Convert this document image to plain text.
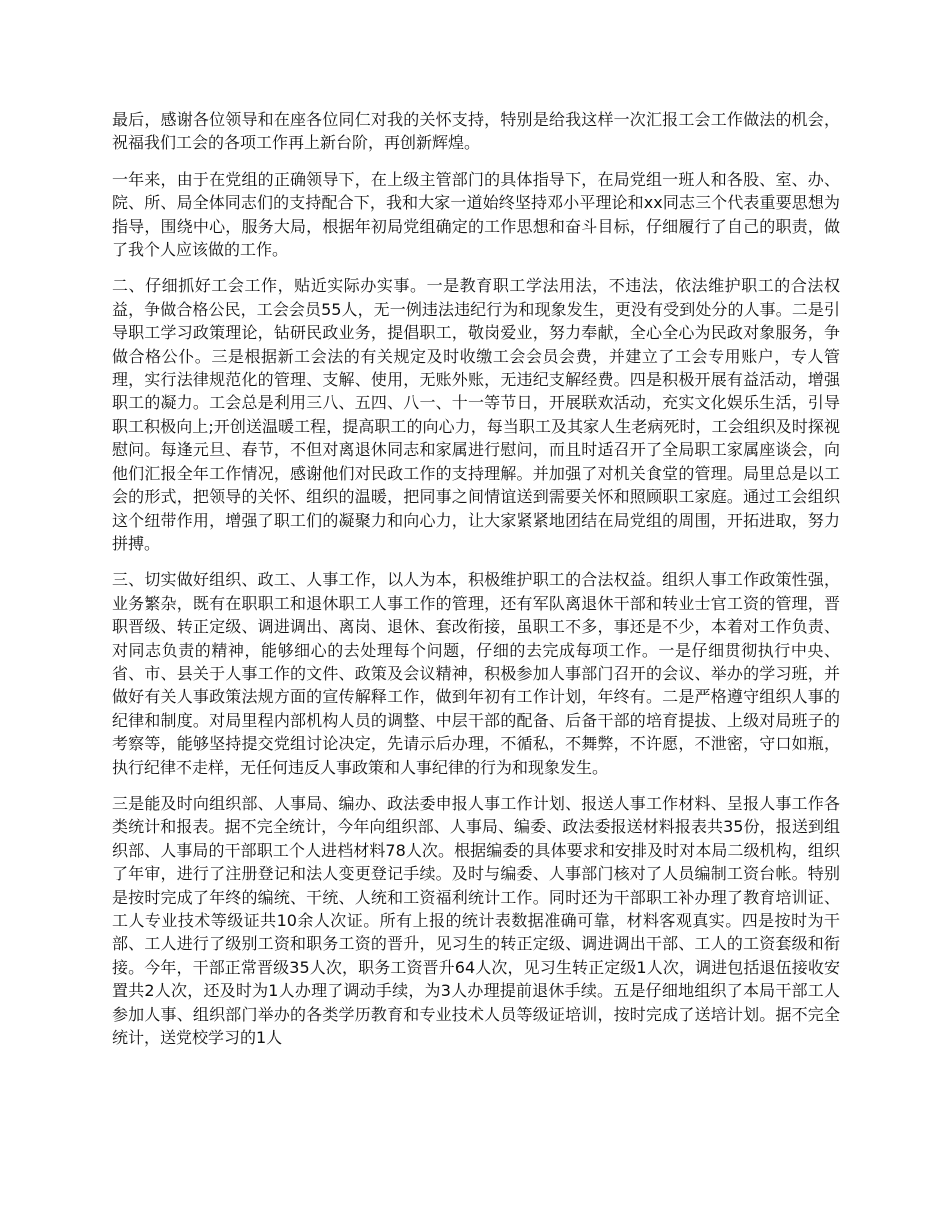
最后，感谢各位领导和在座各位同仁对我的关怀支持，特别是给我这样一次汇报工会工作做法的机会，祝福我们工会的各项工作再上新台阶，再创新辉煌。

一年来，由于在党组的正确领导下，在上级主管部门的具体指导下，在局党组一班人和各股、室、办、院、所、局全体同志们的支持配合下，我和大家一道始终坚持邓小平理论和xx同志三个代表重要思想为指导，围绕中心，服务大局，根据年初局党组确定的工作思想和奋斗目标，仔细履行了自己的职责，做了我个人应该做的工作。

二、仔细抓好工会工作，贴近实际办实事。一是教育职工学法用法，不违法，依法维护职工的合法权益，争做合格公民，工会会员55人，无一例违法违纪行为和现象发生，更没有受到处分的人事。二是引导职工学习政策理论，钻研民政业务，提倡职工，敬岗爱业，努力奉献，全心全心为民政对象服务，争做合格公仆。三是根据新工会法的有关规定及时收缴工会会员会费，并建立了工会专用账户，专人管理，实行法律规范化的管理、支解、使用，无账外账，无违纪支解经费。四是积极开展有益活动，增强职工的凝力。工会总是利用三八、五四、八一、十一等节日，开展联欢活动，充实文化娱乐生活，引导职工积极向上;开创送温暖工程，提高职工的向心力，每当职工及其家人生老病死时，工会组织及时探视慰问。每逢元旦、春节，不但对离退休同志和家属进行慰问，而且时适召开了全局职工家属座谈会，向他们汇报全年工作情况，感谢他们对民政工作的支持理解。并加强了对机关食堂的管理。局里总是以工会的形式，把领导的关怀、组织的温暖，把同事之间情谊送到需要关怀和照顾职工家庭。通过工会组织这个纽带作用，增强了职工们的凝聚力和向心力，让大家紧紧地团结在局党组的周围，开拓进取，努力拼搏。

三、切实做好组织、政工、人事工作，以人为本，积极维护职工的合法权益。组织人事工作政策性强，业务繁杂，既有在职职工和退休职工人事工作的管理，还有军队离退休干部和转业士官工资的管理，晋职晋级、转正定级、调进调出、离岗、退休、套改衔接，虽职工不多，事还是不少，本着对工作负责、对同志负责的精神，能够细心的去处理每个问题，仔细的去完成每项工作。一是仔细贯彻执行中央、省、市、县关于人事工作的文件、政策及会议精神，积极参加人事部门召开的会议、举办的学习班，并做好有关人事政策法规方面的宣传解释工作，做到年初有工作计划，年终有。二是严格遵守组织人事的纪律和制度。对局里程内部机构人员的调整、中层干部的配备、后备干部的培育提拔、上级对局班子的考察等，能够坚持提交党组讨论决定，先请示后办理，不循私，不舞弊，不许愿，不泄密，守口如瓶，执行纪律不走样，无任何违反人事政策和人事纪律的行为和现象发生。

三是能及时向组织部、人事局、编办、政法委申报人事工作计划、报送人事工作材料、呈报人事工作各类统计和报表。据不完全统计，今年向组织部、人事局、编委、政法委报送材料报表共35份，报送到组织部、人事局的干部职工个人进档材料78人次。根据编委的具体要求和安排及时对本局二级机构，组织了年审，进行了注册登记和法人变更登记手续。及时与编委、人事部门核对了人员编制工资台帐。特别是按时完成了年终的编统、干统、人统和工资福利统计工作。同时还为干部职工补办理了教育培训证、工人专业技术等级证共10余人次证。所有上报的统计表数据准确可靠，材料客观真实。四是按时为干部、工人进行了级别工资和职务工资的晋升，见习生的转正定级、调进调出干部、工人的工资套级和衔接。今年，干部正常晋级35人次，职务工资晋升64人次，见习生转正定级1人次，调进包括退伍接收安置共2人次，还及时为1人办理了调动手续，为3人办理提前退休手续。五是仔细地组织了本局干部工人参加人事、组织部门举办的各类学历教育和专业技术人员等级证培训，按时完成了送培计划。据不完全统计，送党校学习的1人
